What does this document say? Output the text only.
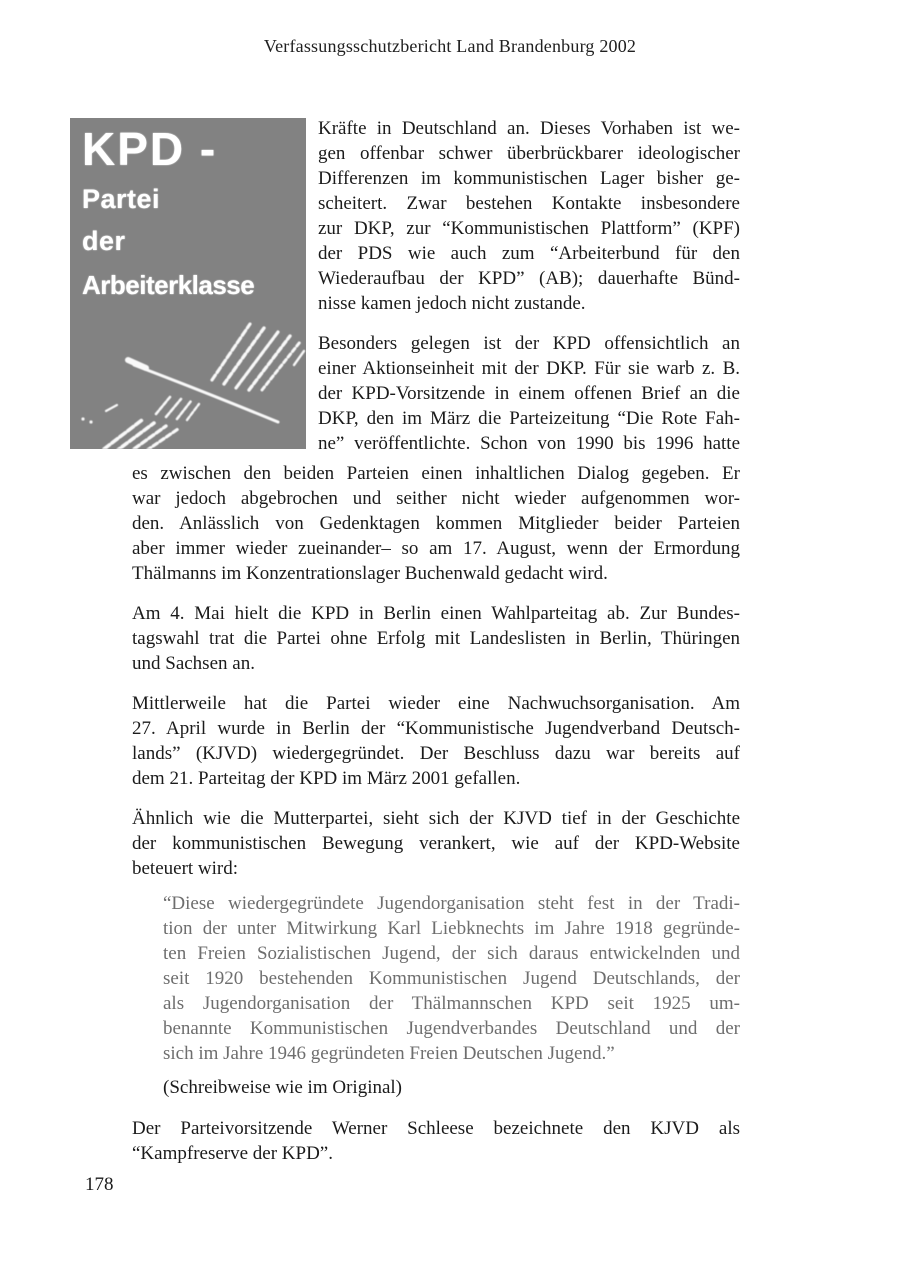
Verfassungsschutzbericht Land Brandenburg 2002
KPD -
Partei
der
Arbeiterklasse
Kräfte in Deutschland an. Dieses Vorhaben ist we-
gen offenbar schwer überbrückbarer ideologischer
Differenzen im kommunistischen Lager bisher ge-
scheitert. Zwar bestehen Kontakte insbesondere
zur DKP, zur “Kommunistischen Plattform” (KPF)
der PDS wie auch zum “Arbeiterbund für den
Wiederaufbau der KPD” (AB); dauerhafte Bünd-
nisse kamen jedoch nicht zustande.
Besonders gelegen ist der KPD offensichtlich an
einer Aktionseinheit mit der DKP. Für sie warb z. B.
der KPD-Vorsitzende in einem offenen Brief an die
DKP, den im März die Parteizeitung “Die Rote Fah-
ne” veröffentlichte. Schon von 1990 bis 1996 hatte
es zwischen den beiden Parteien einen inhaltlichen Dialog gegeben. Er
war jedoch abgebrochen und seither nicht wieder aufgenommen wor-
den. Anlässlich von Gedenktagen kommen Mitglieder beider Parteien
aber immer wieder zueinander– so am 17. August, wenn der Ermordung
Thälmanns im Konzentrationslager Buchenwald gedacht wird.
Am 4. Mai hielt die KPD in Berlin einen Wahlparteitag ab. Zur Bundes-
tagswahl trat die Partei ohne Erfolg mit Landeslisten in Berlin, Thüringen
und Sachsen an.
Mittlerweile hat die Partei wieder eine Nachwuchsorganisation. Am
27. April wurde in Berlin der “Kommunistische Jugendverband Deutsch-
lands” (KJVD) wiedergegründet. Der Beschluss dazu war bereits auf
dem 21. Parteitag der KPD im März 2001 gefallen.
Ähnlich wie die Mutterpartei, sieht sich der KJVD tief in der Geschichte
der kommunistischen Bewegung verankert, wie auf der KPD-Website
beteuert wird:
“Diese wiedergegründete Jugendorganisation steht fest in der Tradi-
tion der unter Mitwirkung Karl Liebknechts im Jahre 1918 gegründe-
ten Freien Sozialistischen Jugend, der sich daraus entwickelnden und
seit 1920 bestehenden Kommunistischen Jugend Deutschlands, der
als Jugendorganisation der Thälmannschen KPD seit 1925 um-
benannte Kommunistischen Jugendverbandes Deutschland und der
sich im Jahre 1946 gegründeten Freien Deutschen Jugend.”
(Schreibweise wie im Original)
Der Parteivorsitzende Werner Schleese bezeichnete den KJVD als
“Kampfreserve der KPD”.
178
